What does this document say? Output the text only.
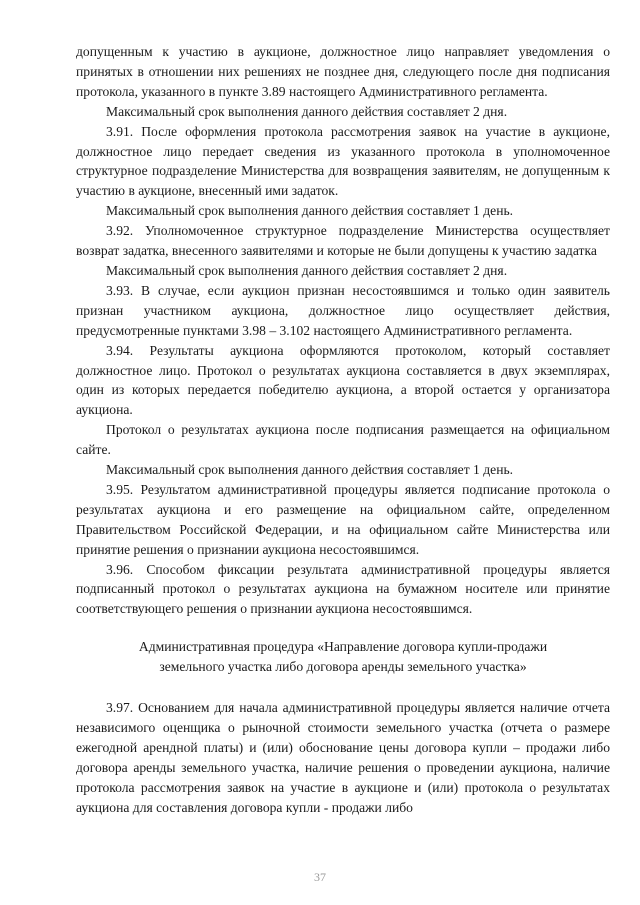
допущенным к участию в аукционе, должностное лицо направляет уведомления о принятых в отношении них решениях не позднее дня, следующего после дня подписания протокола, указанного в пункте 3.89 настоящего Административного регламента.

Максимальный срок выполнения данного действия составляет 2 дня.

3.91. После оформления протокола рассмотрения заявок на участие в аукционе, должностное лицо передает сведения из указанного протокола в уполномоченное структурное подразделение Министерства для возвращения заявителям, не допущенным к участию в аукционе, внесенный ими задаток.

Максимальный срок выполнения данного действия составляет 1 день.

3.92. Уполномоченное структурное подразделение Министерства осуществляет возврат задатка, внесенного заявителями и которые не были допущены к участию задатка

Максимальный срок выполнения данного действия составляет 2 дня.

3.93. В случае, если аукцион признан несостоявшимся и только один заявитель признан участником аукциона, должностное лицо осуществляет действия, предусмотренные пунктами 3.98 – 3.102 настоящего Административного регламента.

3.94. Результаты аукциона оформляются протоколом, который составляет должностное лицо. Протокол о результатах аукциона составляется в двух экземплярах, один из которых передается победителю аукциона, а второй остается у организатора аукциона.

Протокол о результатах аукциона после подписания размещается на официальном сайте.

Максимальный срок выполнения данного действия составляет 1 день.

3.95. Результатом административной процедуры является подписание протокола о результатах аукциона и его размещение на официальном сайте, определенном Правительством Российской Федерации, и на официальном сайте Министерства или принятие решения о признании аукциона несостоявшимся.

3.96. Способом фиксации результата административной процедуры является подписанный протокол о результатах аукциона на бумажном носителе или принятие соответствующего решения о признании аукциона несостоявшимся.

Административная процедура «Направление договора купли-продажи
земельного участка либо договора аренды земельного участка»

3.97. Основанием для начала административной процедуры является наличие отчета независимого оценщика о рыночной стоимости земельного участка (отчета о размере ежегодной арендной платы) и (или) обоснование цены договора купли – продажи либо договора аренды земельного участка, наличие решения о проведении аукциона, наличие протокола рассмотрения заявок на участие в аукционе и (или) протокола о результатах аукциона для составления договора купли - продажи либо

37
